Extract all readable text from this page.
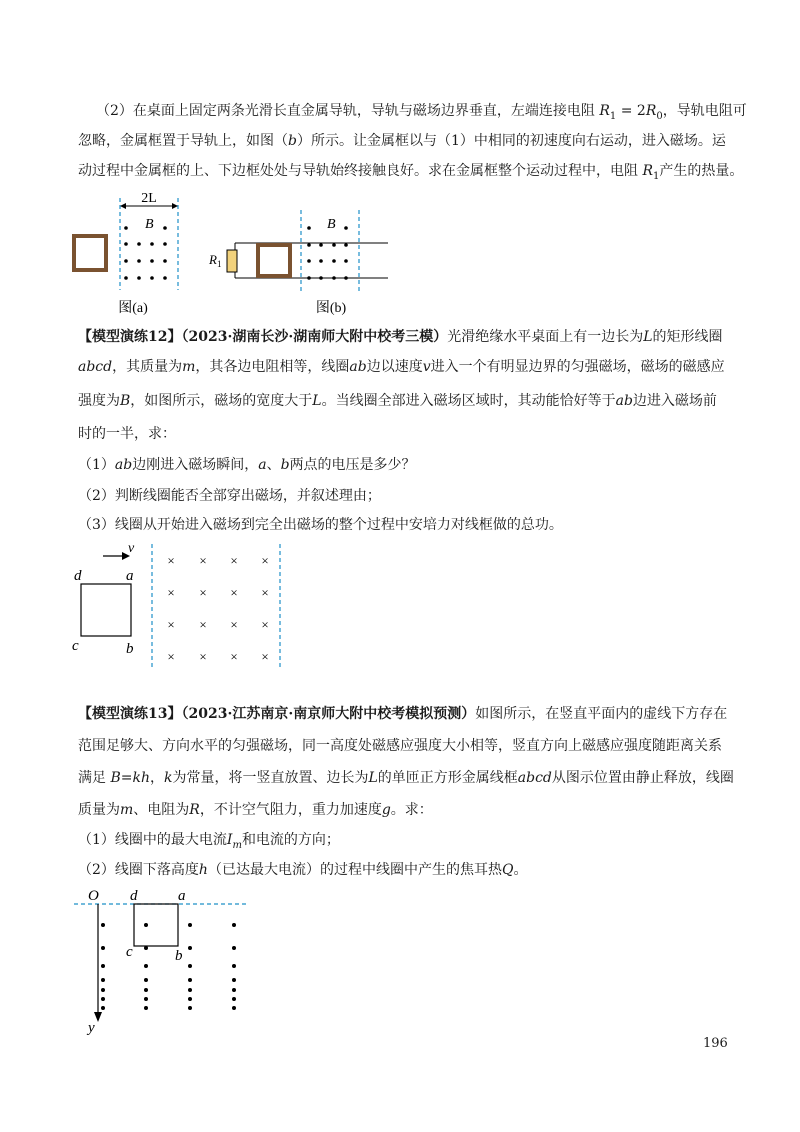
（2）在桌面上固定两条光滑长直金属导轨，导轨与磁场边界垂直，左端连接电阻 $R_1 = 2R_0$，导轨电阻可
忽略，金属框置于导轨上，如图（b）所示。让金属框以与（1）中相同的初速度向右运动，进入磁场。运
动过程中金属框的上、下边框处处与导轨始终接触良好。求在金属框整个运动过程中，电阻 $R_1$产生的热量。
2L
B
图(a)
$R_1$
B
图(b)
【模型演练12】（2023·湖南长沙·湖南师大附中校考三模）光滑绝缘水平桌面上有一边长为L的矩形线圈
abcd，其质量为m，其各边电阻相等，线圈ab边以速度v进入一个有明显边界的匀强磁场，磁场的磁感应
强度为B，如图所示，磁场的宽度大于L。当线圈全部进入磁场区域时，其动能恰好等于ab边进入磁场前
时的一半，求：
（1）ab边刚进入磁场瞬间，a、b两点的电压是多少？
（2）判断线圈能否全部穿出磁场，并叙述理由；
（3）线圈从开始进入磁场到完全出磁场的整个过程中安培力对线框做的总功。
v
d	a
c	b
× × × ×
× × × ×
× × × ×
× × × ×
【模型演练13】（2023·江苏南京·南京师大附中校考模拟预测）如图所示，在竖直平面内的虚线下方存在
范围足够大、方向水平的匀强磁场，同一高度处磁感应强度大小相等，竖直方向上磁感应强度随距离关系
满足 B=kh，k为常量，将一竖直放置、边长为L的单匝正方形金属线框abcd从图示位置由静止释放，线圈
质量为m、电阻为R，不计空气阻力，重力加速度g。求：
（1）线圈中的最大电流$I_m$和电流的方向；
（2）线圈下落高度h（已达最大电流）的过程中线圈中产生的焦耳热Q。
O
y
d	a
c	b
196
